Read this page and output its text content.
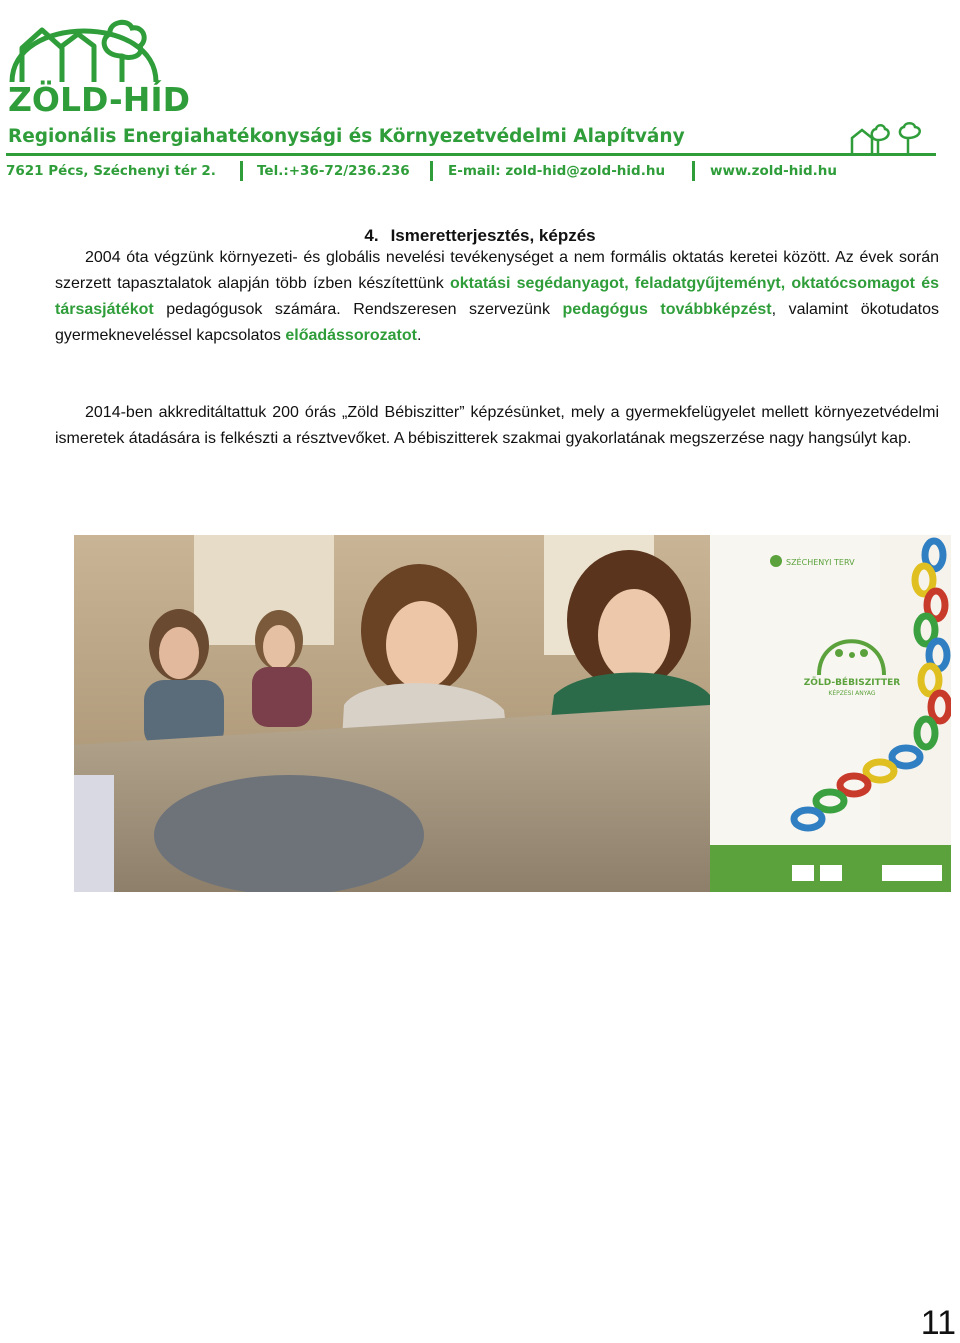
ZÖLD-HÍD

Regionális Energiahatékonysági és Környezetvédelmi Alapítvány

7621 Pécs, Széchenyi tér 2.	Tel.:+36-72/236.236	E-mail: zold-hid@zold-hid.hu	www.zold-hid.hu
4. Ismeretterjesztés, képzés

2004 óta végzünk környezeti- és globális nevelési tevékenységet a nem formális oktatás keretei között. Az évek során szerzett tapasztalatok alapján több ízben készítettünk oktatási segédanyagot, feladatgyűjteményt, oktatócsomagot és társasjátékot pedagógusok számára. Rendszeresen szervezünk pedagógus továbbképzést, valamint ökotudatos gyermekneveléssel kapcsolatos előadássorozatot.

2014-ben akkreditáltattuk 200 órás „Zöld Bébiszitter” képzésünket, mely a gyermekfelügyelet mellett környezetvédelmi ismeretek átadására is felkészti a résztvevőket. A bébiszitterek szakmai gyakorlatának megszerzése nagy hangsúlyt kap.

SZÉCHENYI TERV
ZÖLD-BÉBISZITTER
KÉPZÉSI ANYAG

11
